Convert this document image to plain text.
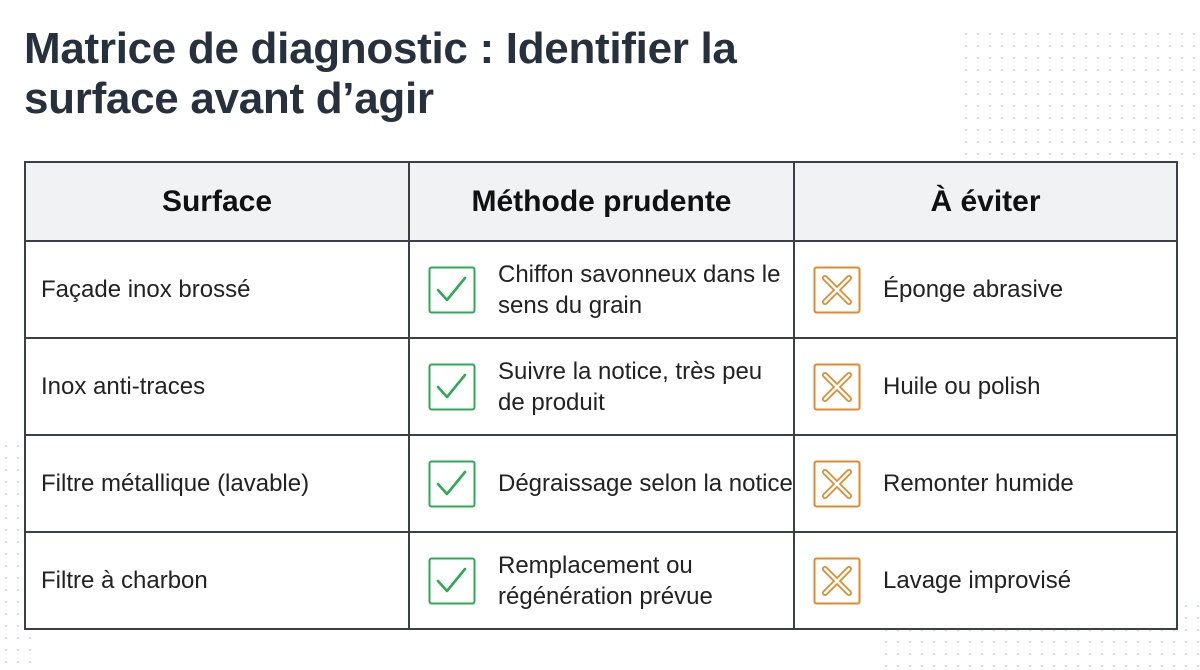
Matrice de diagnostic : Identifier la surface avant d’agir
Surface	Méthode prudente	À éviter
Façade inox brossé	Chiffon savonneux dans le sens du grain	Éponge abrasive

Inox anti-traces	Suivre la notice, très peu de produit	Huile ou polish

Filtre métallique (lavable)	Dégraissage selon la notice	Remonter humide

Filtre à charbon	Remplacement ou régénération prévue	Lavage improvisé
